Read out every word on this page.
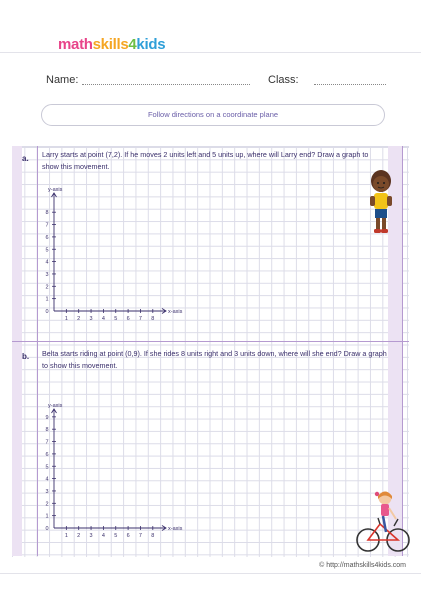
mathskills4kids
Name:	Class:
Follow directions on a coordinate plane
a. Larry starts at point (7,2). If he moves 2 units left and 5 units up, where will Larry end? Draw a graph to show this movement.
b. Belta starts riding at point (0,9). If she rides 8 units right and 3 units down, where will she end? Draw a graph to show this movement.
y-axis
x-axis
0
1
2
3
4
5
6
7
8
1 2 3 4 5 6 7 8
y-axis
x-axis
0
1
2
3
4
5
6
7
8
9
1 2 3 4 5 6 7 8
© http://mathskills4kids.com
